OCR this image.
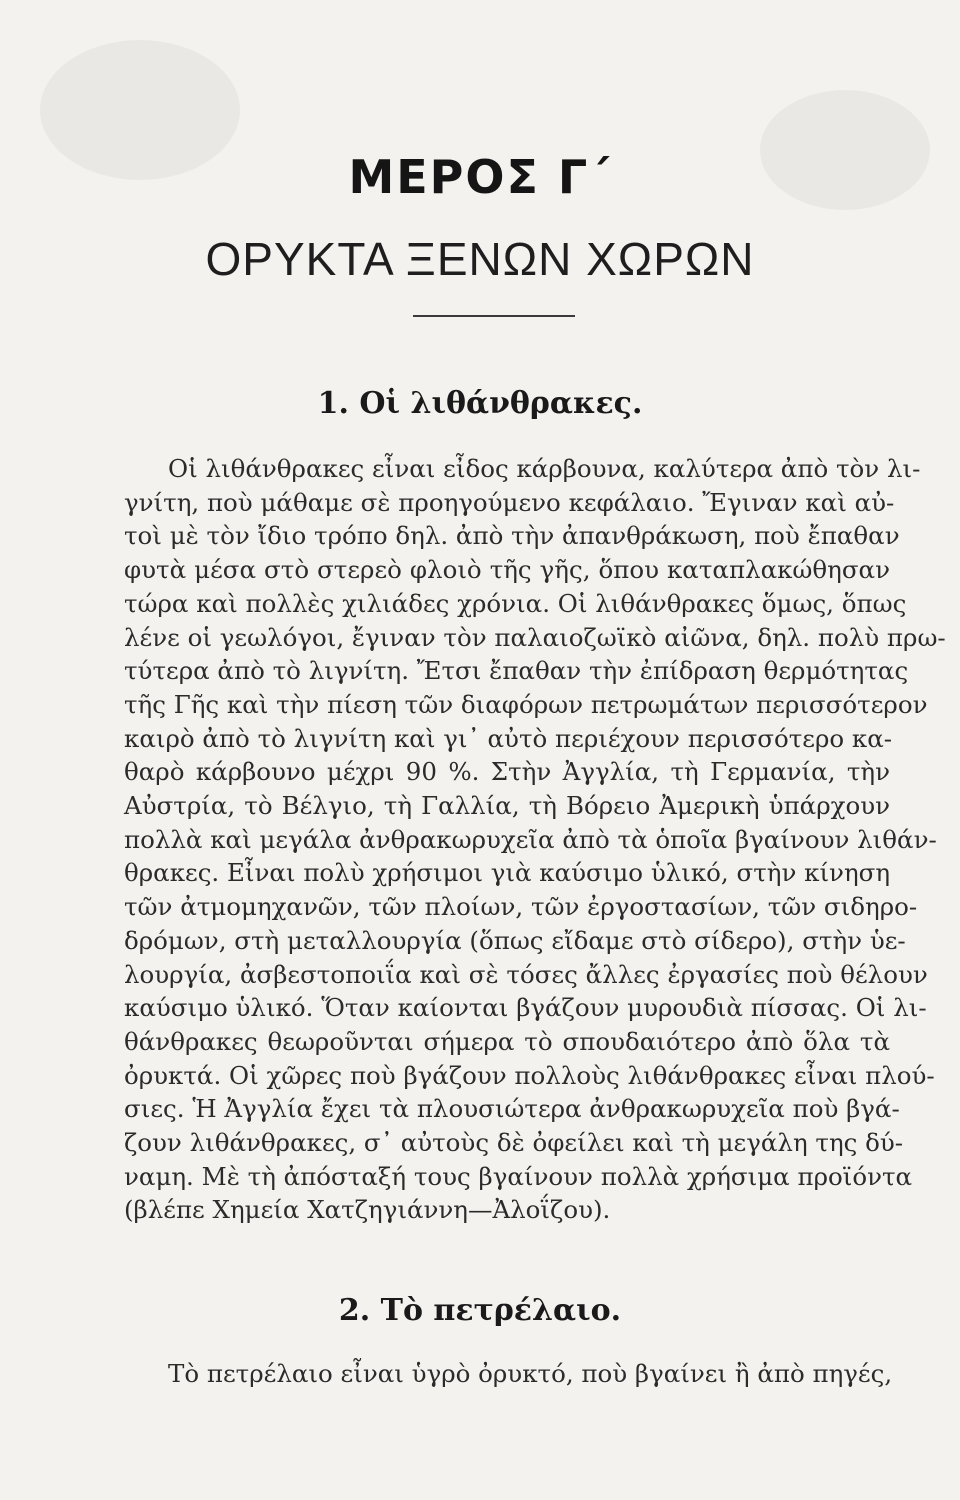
ΜΕΡΟΣ Γ΄
ΟΡΥΚΤΑ ΞΕΝΩΝ ΧΩΡΩΝ
1. Οἱ λιθάνθρακες.
Οἱ λιθάνθρακες εἶναι εἶδος κάρβουνα, καλύτερα ἀπὸ τὸν λι-
γνίτη, ποὺ μάθαμε σὲ προηγούμενο κεφάλαιο. Ἔγιναν καὶ αὐ-
τοὶ μὲ τὸν ἴδιο τρόπο δηλ. ἀπὸ τὴν ἀπανθράκωση, ποὺ ἔπαθαν
φυτὰ μέσα στὸ στερεὸ φλοιὸ τῆς γῆς, ὅπου καταπλακώθησαν
τώρα καὶ πολλὲς χιλιάδες χρόνια. Οἱ λιθάνθρακες ὅμως, ὅπως
λένε οἱ γεωλόγοι, ἔγιναν τὸν παλαιοζωϊκὸ αἰῶνα, δηλ. πολὺ πρω-
τύτερα ἀπὸ τὸ λιγνίτη. Ἔτσι ἔπαθαν τὴν ἐπίδραση θερμότητας
τῆς Γῆς καὶ τὴν πίεση τῶν διαφόρων πετρωμάτων περισσότερον
καιρὸ ἀπὸ τὸ λιγνίτη καὶ γι᾽ αὐτὸ περιέχουν περισσότερο κα-
θαρὸ κάρβουνο μέχρι 90 %. Στὴν Ἀγγλία, τὴ Γερμανία, τὴν
Αὐστρία, τὸ Βέλγιο, τὴ Γαλλία, τὴ Βόρειο Ἀμερικὴ ὑπάρχουν
πολλὰ καὶ μεγάλα ἀνθρακωρυχεῖα ἀπὸ τὰ ὁποῖα βγαίνουν λιθάν-
θρακες. Εἶναι πολὺ χρήσιμοι γιὰ καύσιμο ὑλικό, στὴν κίνηση
τῶν ἀτμομηχανῶν, τῶν πλοίων, τῶν ἐργοστασίων, τῶν σιδηρο-
δρόμων, στὴ μεταλλουργία (ὅπως εἴδαμε στὸ σίδερο), στὴν ὑε-
λουργία, ἀσβεστοποιΐα καὶ σὲ τόσες ἄλλες ἐργασίες ποὺ θέλουν
καύσιμο ὑλικό. Ὅταν καίονται βγάζουν μυρουδιὰ πίσσας. Οἱ λι-
θάνθρακες θεωροῦνται σήμερα τὸ σπουδαιότερο ἀπὸ ὅλα τὰ
ὀρυκτά. Οἱ χῶρες ποὺ βγάζουν πολλοὺς λιθάνθρακες εἶναι πλού-
σιες. Ἡ Ἀγγλία ἔχει τὰ πλουσιώτερα ἀνθρακωρυχεῖα ποὺ βγά-
ζουν λιθάνθρακες, σ᾽ αὐτοὺς δὲ ὀφείλει καὶ τὴ μεγάλη της δύ-
ναμη. Μὲ τὴ ἀπόσταξή τους βγαίνουν πολλὰ χρήσιμα προϊόντα
(βλέπε Χημεία Χατζηγιάννη—Ἀλοΐζου).
2. Τὸ πετρέλαιο.
Τὸ πετρέλαιο εἶναι ὑγρὸ ὀρυκτό, ποὺ βγαίνει ἢ ἀπὸ πηγές,
